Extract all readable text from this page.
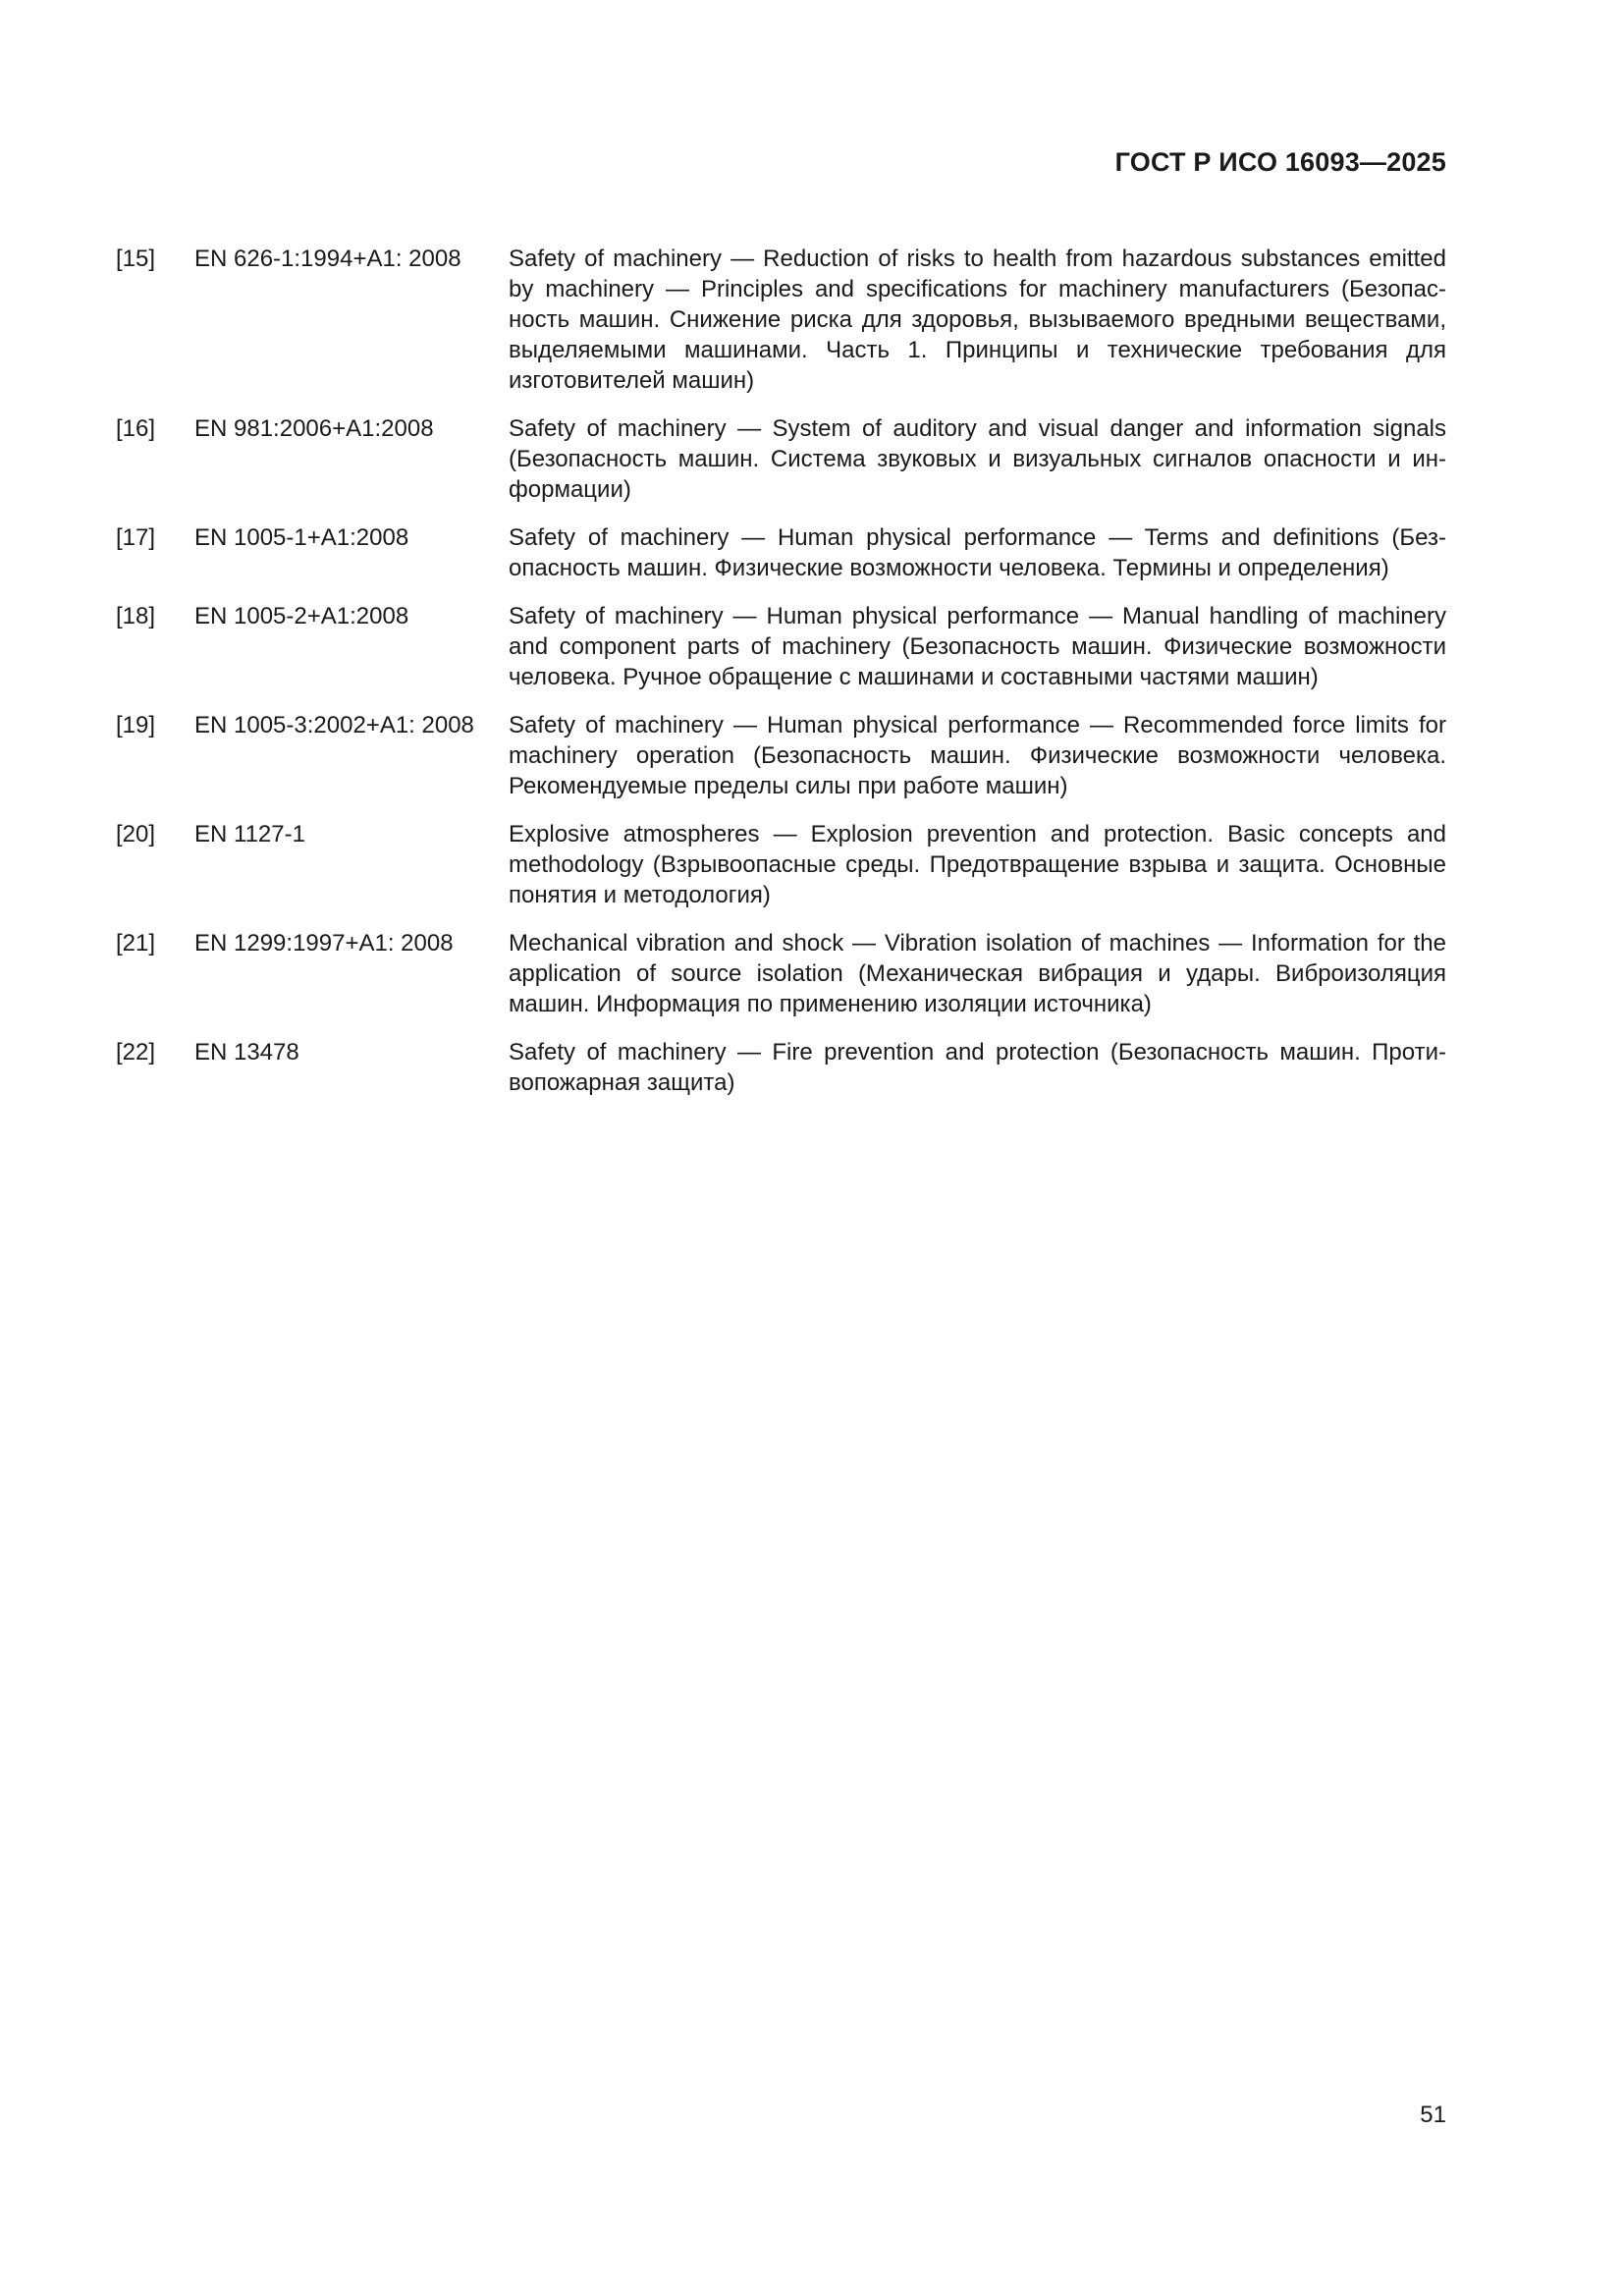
ГОСТ Р ИСО 16093—2025
[15]	EN 626-1:1994+A1: 2008	Safety of machinery — Reduction of risks to health from hazardous substances emitted by machinery — Principles and specifications for machinery manufacturers (Безопасность машин. Снижение риска для здоровья, вызываемого вредными веществами, выделяемыми машинами. Часть 1. Принципы и технические требования для изготовителей машин)
[16]	EN 981:2006+A1:2008	Safety of machinery — System of auditory and visual danger and information signals (Безопасность машин. Система звуковых и визуальных сигналов опасности и информации)
[17]	EN 1005-1+A1:2008	Safety of machinery — Human physical performance — Terms and definitions (Безопасность машин. Физические возможности человека. Термины и определения)
[18]	EN 1005-2+A1:2008	Safety of machinery — Human physical performance — Manual handling of machinery and component parts of machinery (Безопасность машин. Физические возможности человека. Ручное обращение с машинами и составными частями машин)
[19]	EN 1005-3:2002+A1: 2008	Safety of machinery — Human physical performance — Recommended force limits for machinery operation (Безопасность машин. Физические возможности человека. Рекомендуемые пределы силы при работе машин)
[20]	EN 1127-1	Explosive atmospheres — Explosion prevention and protection. Basic concepts and methodology (Взрывоопасные среды. Предотвращение взрыва и защита. Основные понятия и методология)
[21]	EN 1299:1997+A1: 2008	Mechanical vibration and shock — Vibration isolation of machines — Information for the application of source isolation (Механическая вибрация и удары. Виброизоляция машин. Информация по применению изоляции источника)
[22]	EN 13478	Safety of machinery — Fire prevention and protection (Безопасность машин. Противопожарная защита)
51
